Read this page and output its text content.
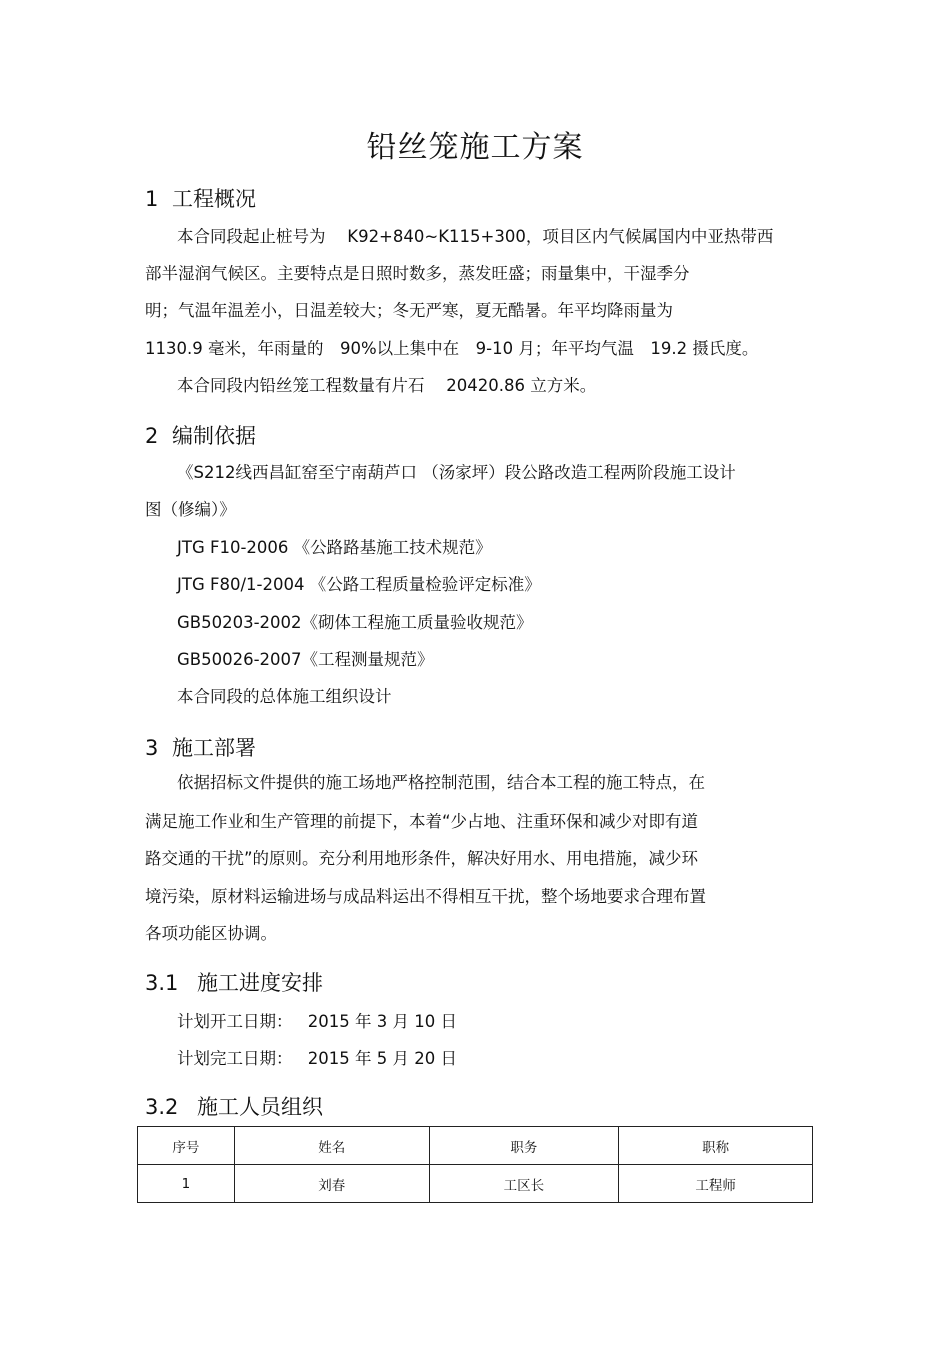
铅丝笼施工方案
1 工程概况
本合同段起止桩号为　 K92+840~K115+300，项目区内气候属国内中亚热带西
部半湿润气候区。主要特点是日照时数多，蒸发旺盛；雨量集中，干湿季分
明；气温年温差小，日温差较大；冬无严寒，夏无酷暑。年平均降雨量为
1130.9 毫米，年雨量的　90%以上集中在　9-10 月；年平均气温　19.2 摄氏度。
本合同段内铅丝笼工程数量有片石　 20420.86 立方米。
2 编制依据
《S212线西昌缸窑至宁南葫芦口 （汤家坪）段公路改造工程两阶段施工设计
图（修编）》
JTG F10-2006 《公路路基施工技术规范》
JTG F80/1-2004 《公路工程质量检验评定标准》
GB50203-2002《砌体工程施工质量验收规范》
GB50026-2007《工程测量规范》
本合同段的总体施工组织设计
3 施工部署
依据招标文件提供的施工场地严格控制范围，结合本工程的施工特点，在
满足施工作业和生产管理的前提下，本着“少占地、注重环保和减少对即有道
路交通的干扰”的原则。充分利用地形条件，解决好用水、用电措施，减少环
境污染，原材料运输进场与成品料运出不得相互干扰，整个场地要求合理布置
各项功能区协调。
3.1 施工进度安排
计划开工日期： 2015 年 3 月 10 日
计划完工日期： 2015 年 5 月 20 日
3.2 施工人员组织
序号	姓名	职务	职称
1	刘春	工区长	工程师
